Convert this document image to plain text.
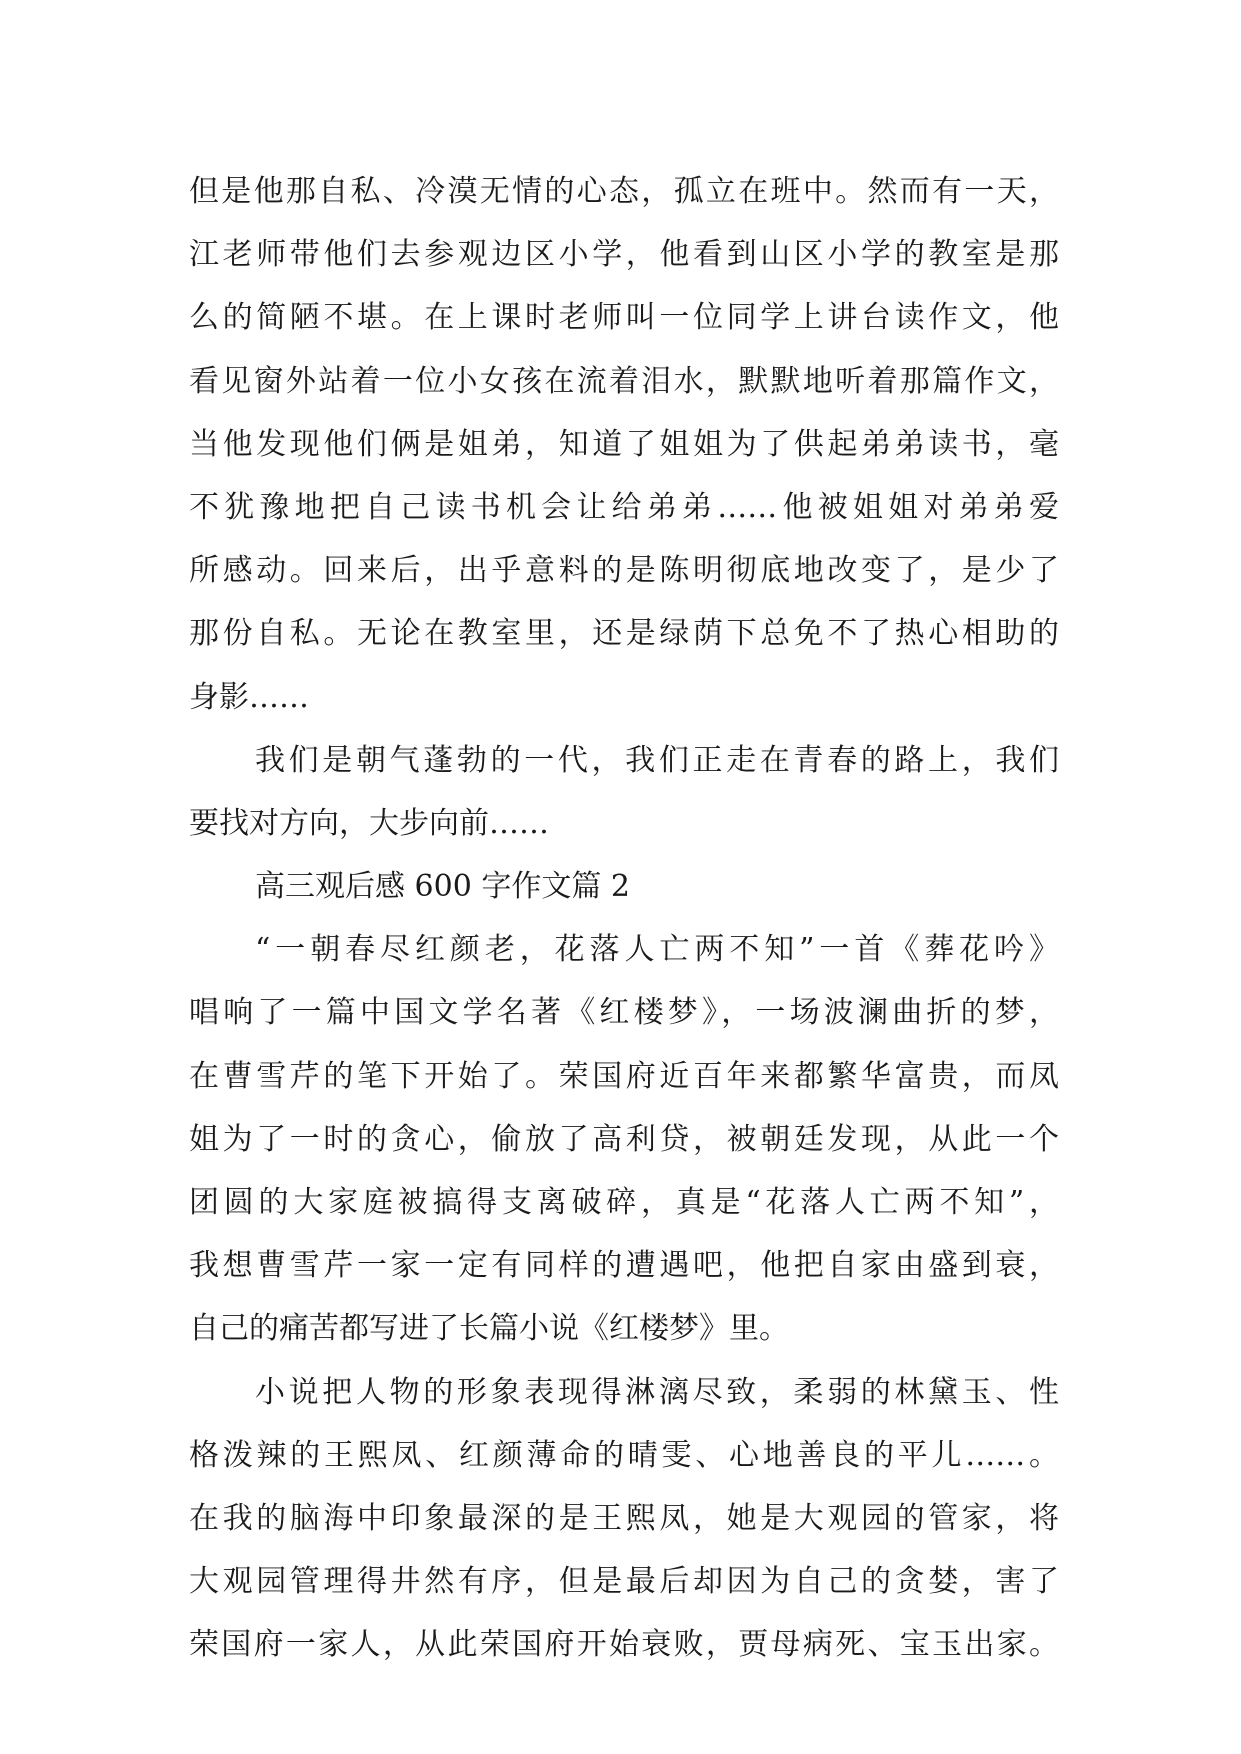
但是他那自私、冷漠无情的心态，孤立在班中。然而有一天，
江老师带他们去参观边区小学，他看到山区小学的教室是那
么的简陋不堪。在上课时老师叫一位同学上讲台读作文，他
看见窗外站着一位小女孩在流着泪水，默默地听着那篇作文，
当他发现他们俩是姐弟，知道了姐姐为了供起弟弟读书，毫
不犹豫地把自己读书机会让给弟弟……他被姐姐对弟弟爱
所感动。回来后，出乎意料的是陈明彻底地改变了，是少了
那份自私。无论在教室里，还是绿荫下总免不了热心相助的
身影……
我们是朝气蓬勃的一代，我们正走在青春的路上，我们
要找对方向，大步向前……
高三观后感 600 字作文篇 2
“一朝春尽红颜老，花落人亡两不知”一首《葬花吟》
唱响了一篇中国文学名著《红楼梦》，一场波澜曲折的梦，
在曹雪芹的笔下开始了。荣国府近百年来都繁华富贵，而凤
姐为了一时的贪心，偷放了高利贷，被朝廷发现，从此一个
团圆的大家庭被搞得支离破碎，真是“花落人亡两不知”，
我想曹雪芹一家一定有同样的遭遇吧，他把自家由盛到衰，
自己的痛苦都写进了长篇小说《红楼梦》里。
小说把人物的形象表现得淋漓尽致，柔弱的林黛玉、性
格泼辣的王熙凤、红颜薄命的晴雯、心地善良的平儿……。
在我的脑海中印象最深的是王熙凤，她是大观园的管家，将
大观园管理得井然有序，但是最后却因为自己的贪婪，害了
荣国府一家人，从此荣国府开始衰败，贾母病死、宝玉出家。
